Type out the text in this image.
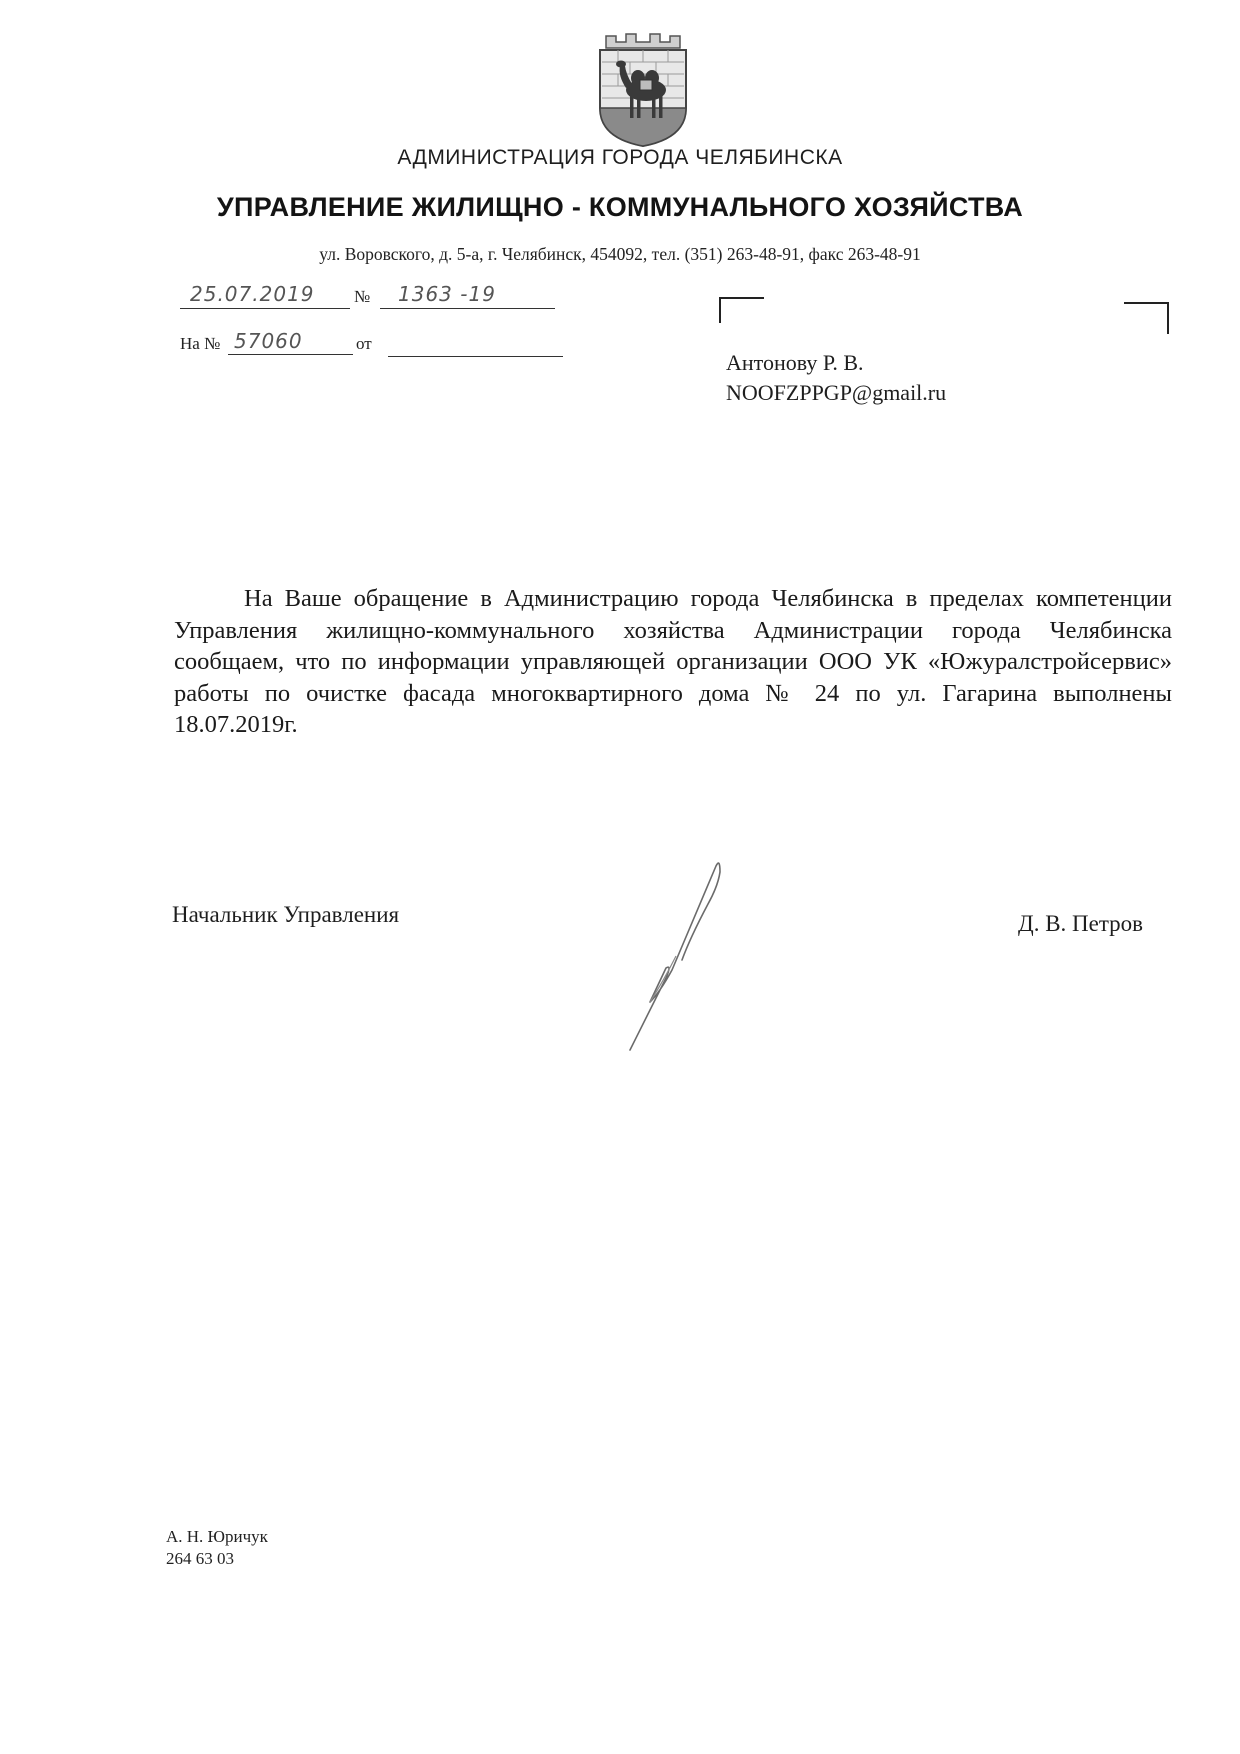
АДМИНИСТРАЦИЯ ГОРОДА ЧЕЛЯБИНСКА
УПРАВЛЕНИЕ ЖИЛИЩНО - КОММУНАЛЬНОГО ХОЗЯЙСТВА
ул. Воровского, д. 5-а, г. Челябинск, 454092, тел. (351) 263-48-91, факс 263-48-91
25.07.2019 № 1363 -19
На № 57060	от
Антонову Р. В.
NOOFZPPGP@gmail.ru
На Ваше обращение в Администрацию города Челябинска в пределах компетенции Управления жилищно-коммунального хозяйства Администрации города Челябинска сообщаем, что по информации управляющей организации ООО УК «Южуралстройсервис» работы по очистке фасада многоквартирного дома № 24 по ул. Гагарина выполнены 18.07.2019г.
Начальник Управления	Д. В. Петров
А. Н. Юричук
264 63 03
